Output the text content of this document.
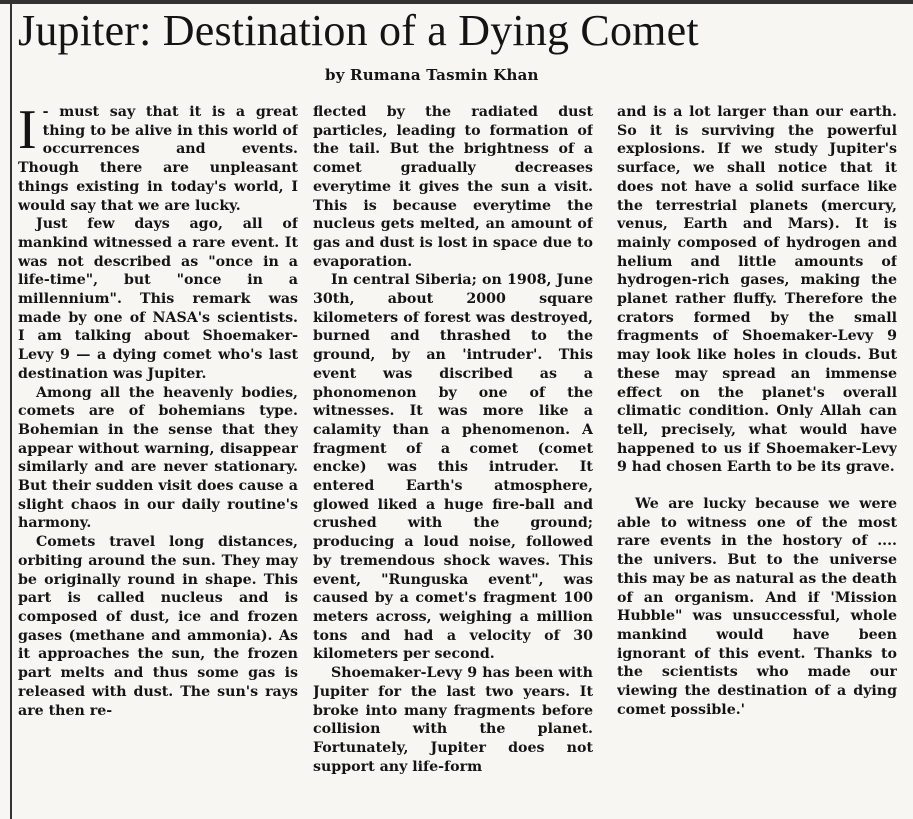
Jupiter: Destination of a Dying Comet
by Rumana Tasmin Khan

I - must say that it is a great thing to be alive in this world of occurrences and events. Though there are unpleasant things existing in today's world, I would say that we are lucky.

Just few days ago, all of mankind witnessed a rare event. It was not described as "once in a life-time", but "once in a millennium". This remark was made by one of NASA's scientists. I am talking about Shoemaker-Levy 9 — a dying comet who's last destination was Jupiter.

Among all the heavenly bodies, comets are of bohemians type. Bohemian in the sense that they appear without warning, disappear similarly and are never stationary. But their sudden visit does cause a slight chaos in our daily routine's harmony.

Comets travel long distances, orbiting around the sun. They may be originally round in shape. This part is called nucleus and is composed of dust, ice and frozen gases (methane and ammonia). As it approaches the sun, the frozen part melts and thus some gas is released with dust. The sun's rays are then re-

flected by the radiated dust particles, leading to formation of the tail. But the brightness of a comet gradually decreases everytime it gives the sun a visit. This is because everytime the nucleus gets melted, an amount of gas and dust is lost in space due to evaporation.

In central Siberia; on 1908, June 30th, about 2000 square kilometers of forest was destroyed, burned and thrashed to the ground, by an 'intruder'. This event was discribed as a phonomenon by one of the witnesses. It was more like a calamity than a phenomenon. A fragment of a comet (comet encke) was this intruder. It entered Earth's atmosphere, glowed liked a huge fire-ball and crushed with the ground; producing a loud noise, followed by tremendous shock waves. This event, "Runguska event", was caused by a comet's fragment 100 meters across, weighing a million tons and had a velocity of 30 kilometers per second.

Shoemaker-Levy 9 has been with Jupiter for the last two years. It broke into many fragments before collision with the planet. Fortunately, Jupiter does not support any life-form

and is a lot larger than our earth. So it is surviving the powerful explosions. If we study Jupiter's surface, we shall notice that it does not have a solid surface like the terrestrial planets (mercury, venus, Earth and Mars). It is mainly composed of hydrogen and helium and little amounts of hydrogen-rich gases, making the planet rather fluffy. Therefore the crators formed by the small fragments of Shoemaker-Levy 9 may look like holes in clouds. But these may spread an immense effect on the planet's overall climatic condition. Only Allah can tell, precisely, what would have happened to us if Shoemaker-Levy 9 had chosen Earth to be its grave.

We are lucky because we were able to witness one of the most rare events in the hostory of .... the univers. But to the universe this may be as natural as the death of an organism. And if 'Mission Hubble" was unsuccessful, whole mankind would have been ignorant of this event. Thanks to the scientists who made our viewing the destination of a dying comet possible.'
